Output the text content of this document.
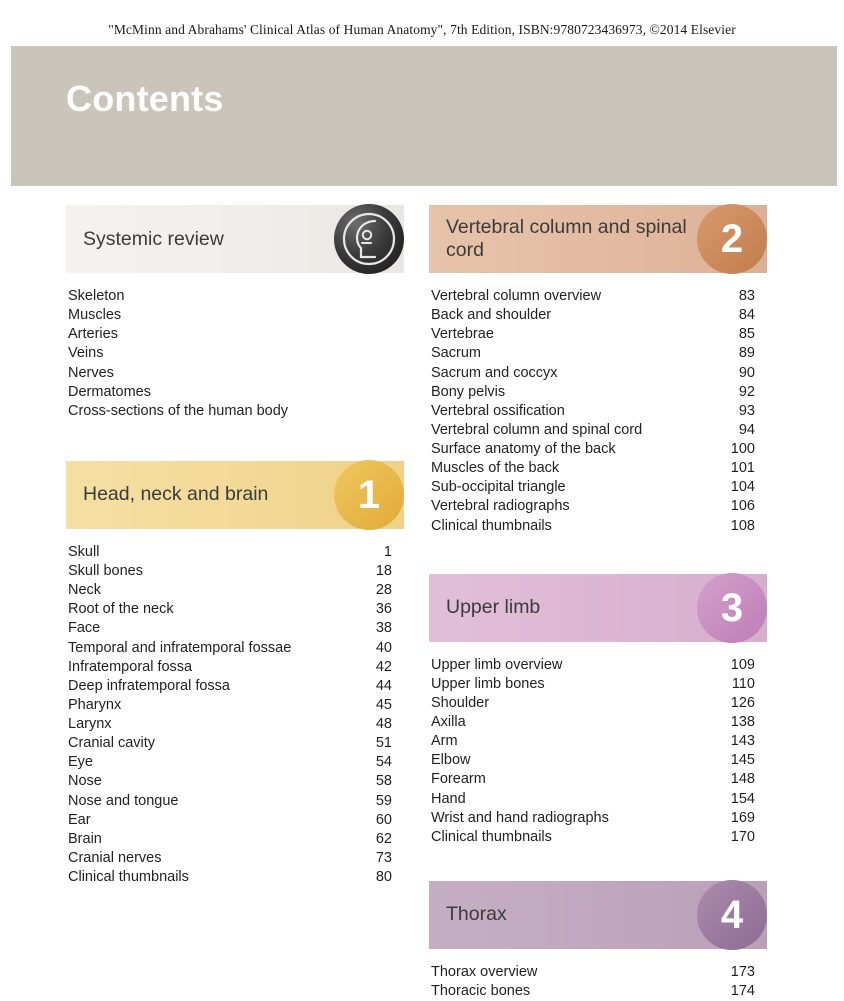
"McMinn and Abrahams' Clinical Atlas of Human Anatomy", 7th Edition, ISBN:9780723436973, ©2014 Elsevier
Contents
Systemic review
Skeleton
Muscles
Arteries
Veins
Nerves
Dermatomes
Cross-sections of the human body
Head, neck and brain	1
Skull	1
Skull bones	18
Neck	28
Root of the neck	36
Face	38
Temporal and infratemporal fossae	40
Infratemporal fossa	42
Deep infratemporal fossa	44
Pharynx	45
Larynx	48
Cranial cavity	51
Eye	54
Nose	58
Nose and tongue	59
Ear	60
Brain	62
Cranial nerves	73
Clinical thumbnails	80
Vertebral column and spinal cord	2
Vertebral column overview	83
Back and shoulder	84
Vertebrae	85
Sacrum	89
Sacrum and coccyx	90
Bony pelvis	92
Vertebral ossification	93
Vertebral column and spinal cord	94
Surface anatomy of the back	100
Muscles of the back	101
Sub-occipital triangle	104
Vertebral radiographs	106
Clinical thumbnails	108
Upper limb	3
Upper limb overview	109
Upper limb bones	110
Shoulder	126
Axilla	138
Arm	143
Elbow	145
Forearm	148
Hand	154
Wrist and hand radiographs	169
Clinical thumbnails	170
Thorax	4
Thorax overview	173
Thoracic bones	174
